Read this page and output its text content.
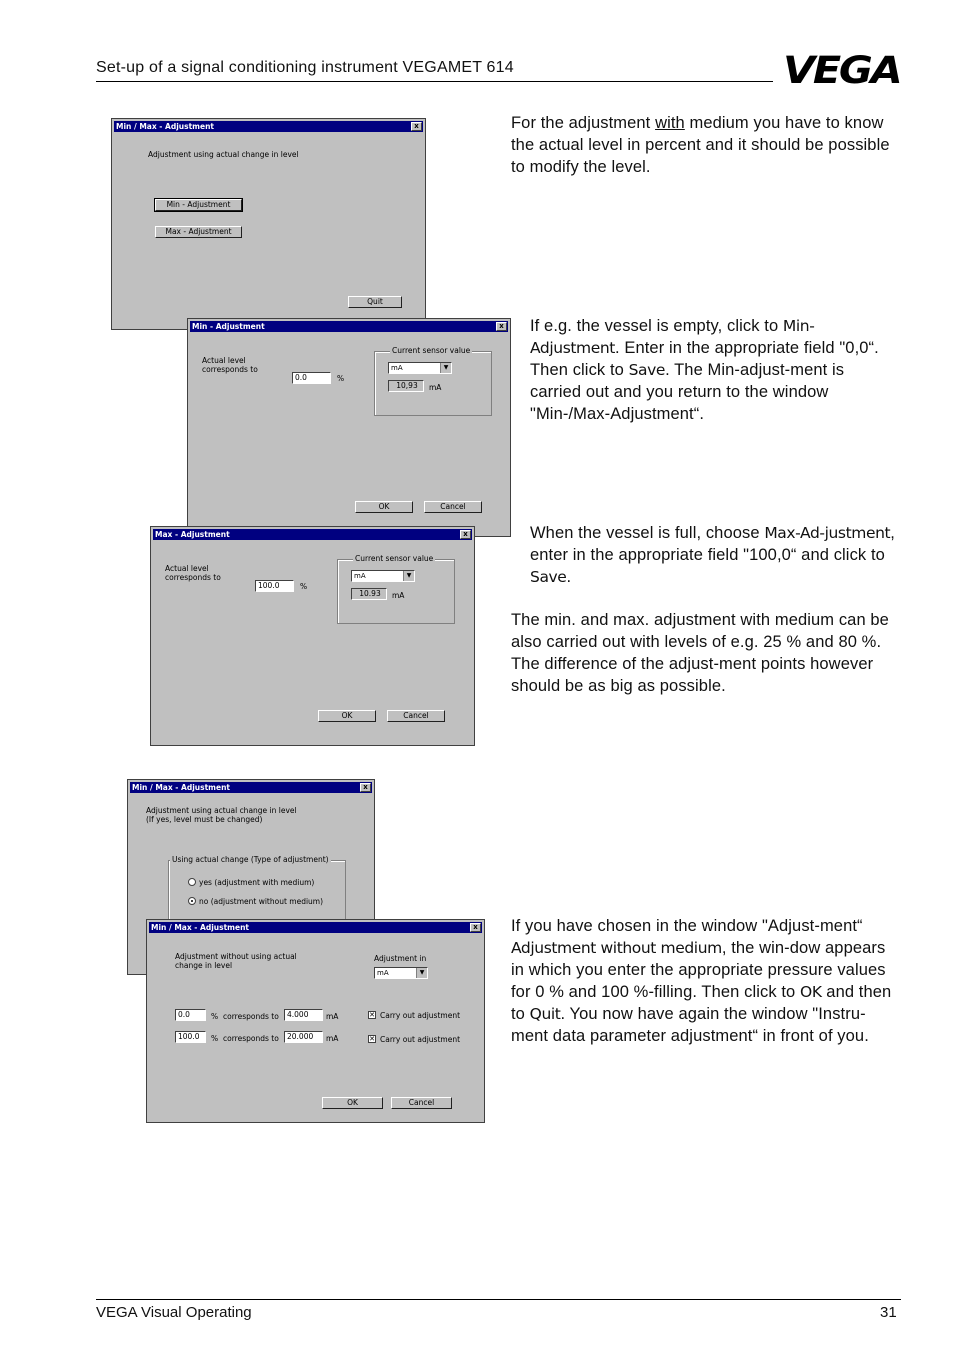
Set-up of a signal conditioning instrument VEGAMET 614	VEGA
Min / Max - Adjustment	x
Adjustment using actual change in level
Min - Adjustment
Max - Adjustment
Quit
Min - Adjustment	x
Actual level
corresponds to
0.0	%
Current sensor value
mA	▼
10,93	mA
OK	Cancel
Max - Adjustment	x
Actual level
corresponds to
100.0	%
Current sensor value
mA	▼
10.93	mA
OK	Cancel
Min / Max - Adjustment	x
Adjustment using actual change in level
(If yes, level must be changed)
Using actual change (Type of adjustment)
yes (adjustment with medium)
no (adjustment without medium)
Min / Max - Adjustment	x
Adjustment without using actual
change in level
Adjustment in
mA	▼
0.0	% corresponds to	4.000	mA	✕ Carry out adjustment
100.0	% corresponds to	20.000	mA	✕ Carry out adjustment
OK	Cancel
For the adjustment with medium you have to know the actual level in percent and it should be possible to modify the level.
If e.g. the vessel is empty, click to Min-Adjustment. Enter in the appropriate field "0,0“. Then click to Save. The Min-adjust-ment is carried out and you return to the window "Min-/Max-Adjustment“.
When the vessel is full, choose Max-Ad-justment, enter in the appropriate field "100,0“ and click to Save.
The min. and max. adjustment with medium can be also carried out with levels of e.g. 25 % and 80 %. The difference of the adjust-ment points however should be as big as possible.
If you have chosen in the window "Adjust-ment“ Adjustment without medium, the win-dow appears in which you enter the appropriate pressure values for 0 % and 100 %-filling. Then click to OK and then to Quit. You now have again the window "Instru-ment data parameter adjustment“ in front of you.
VEGA Visual Operating	31
